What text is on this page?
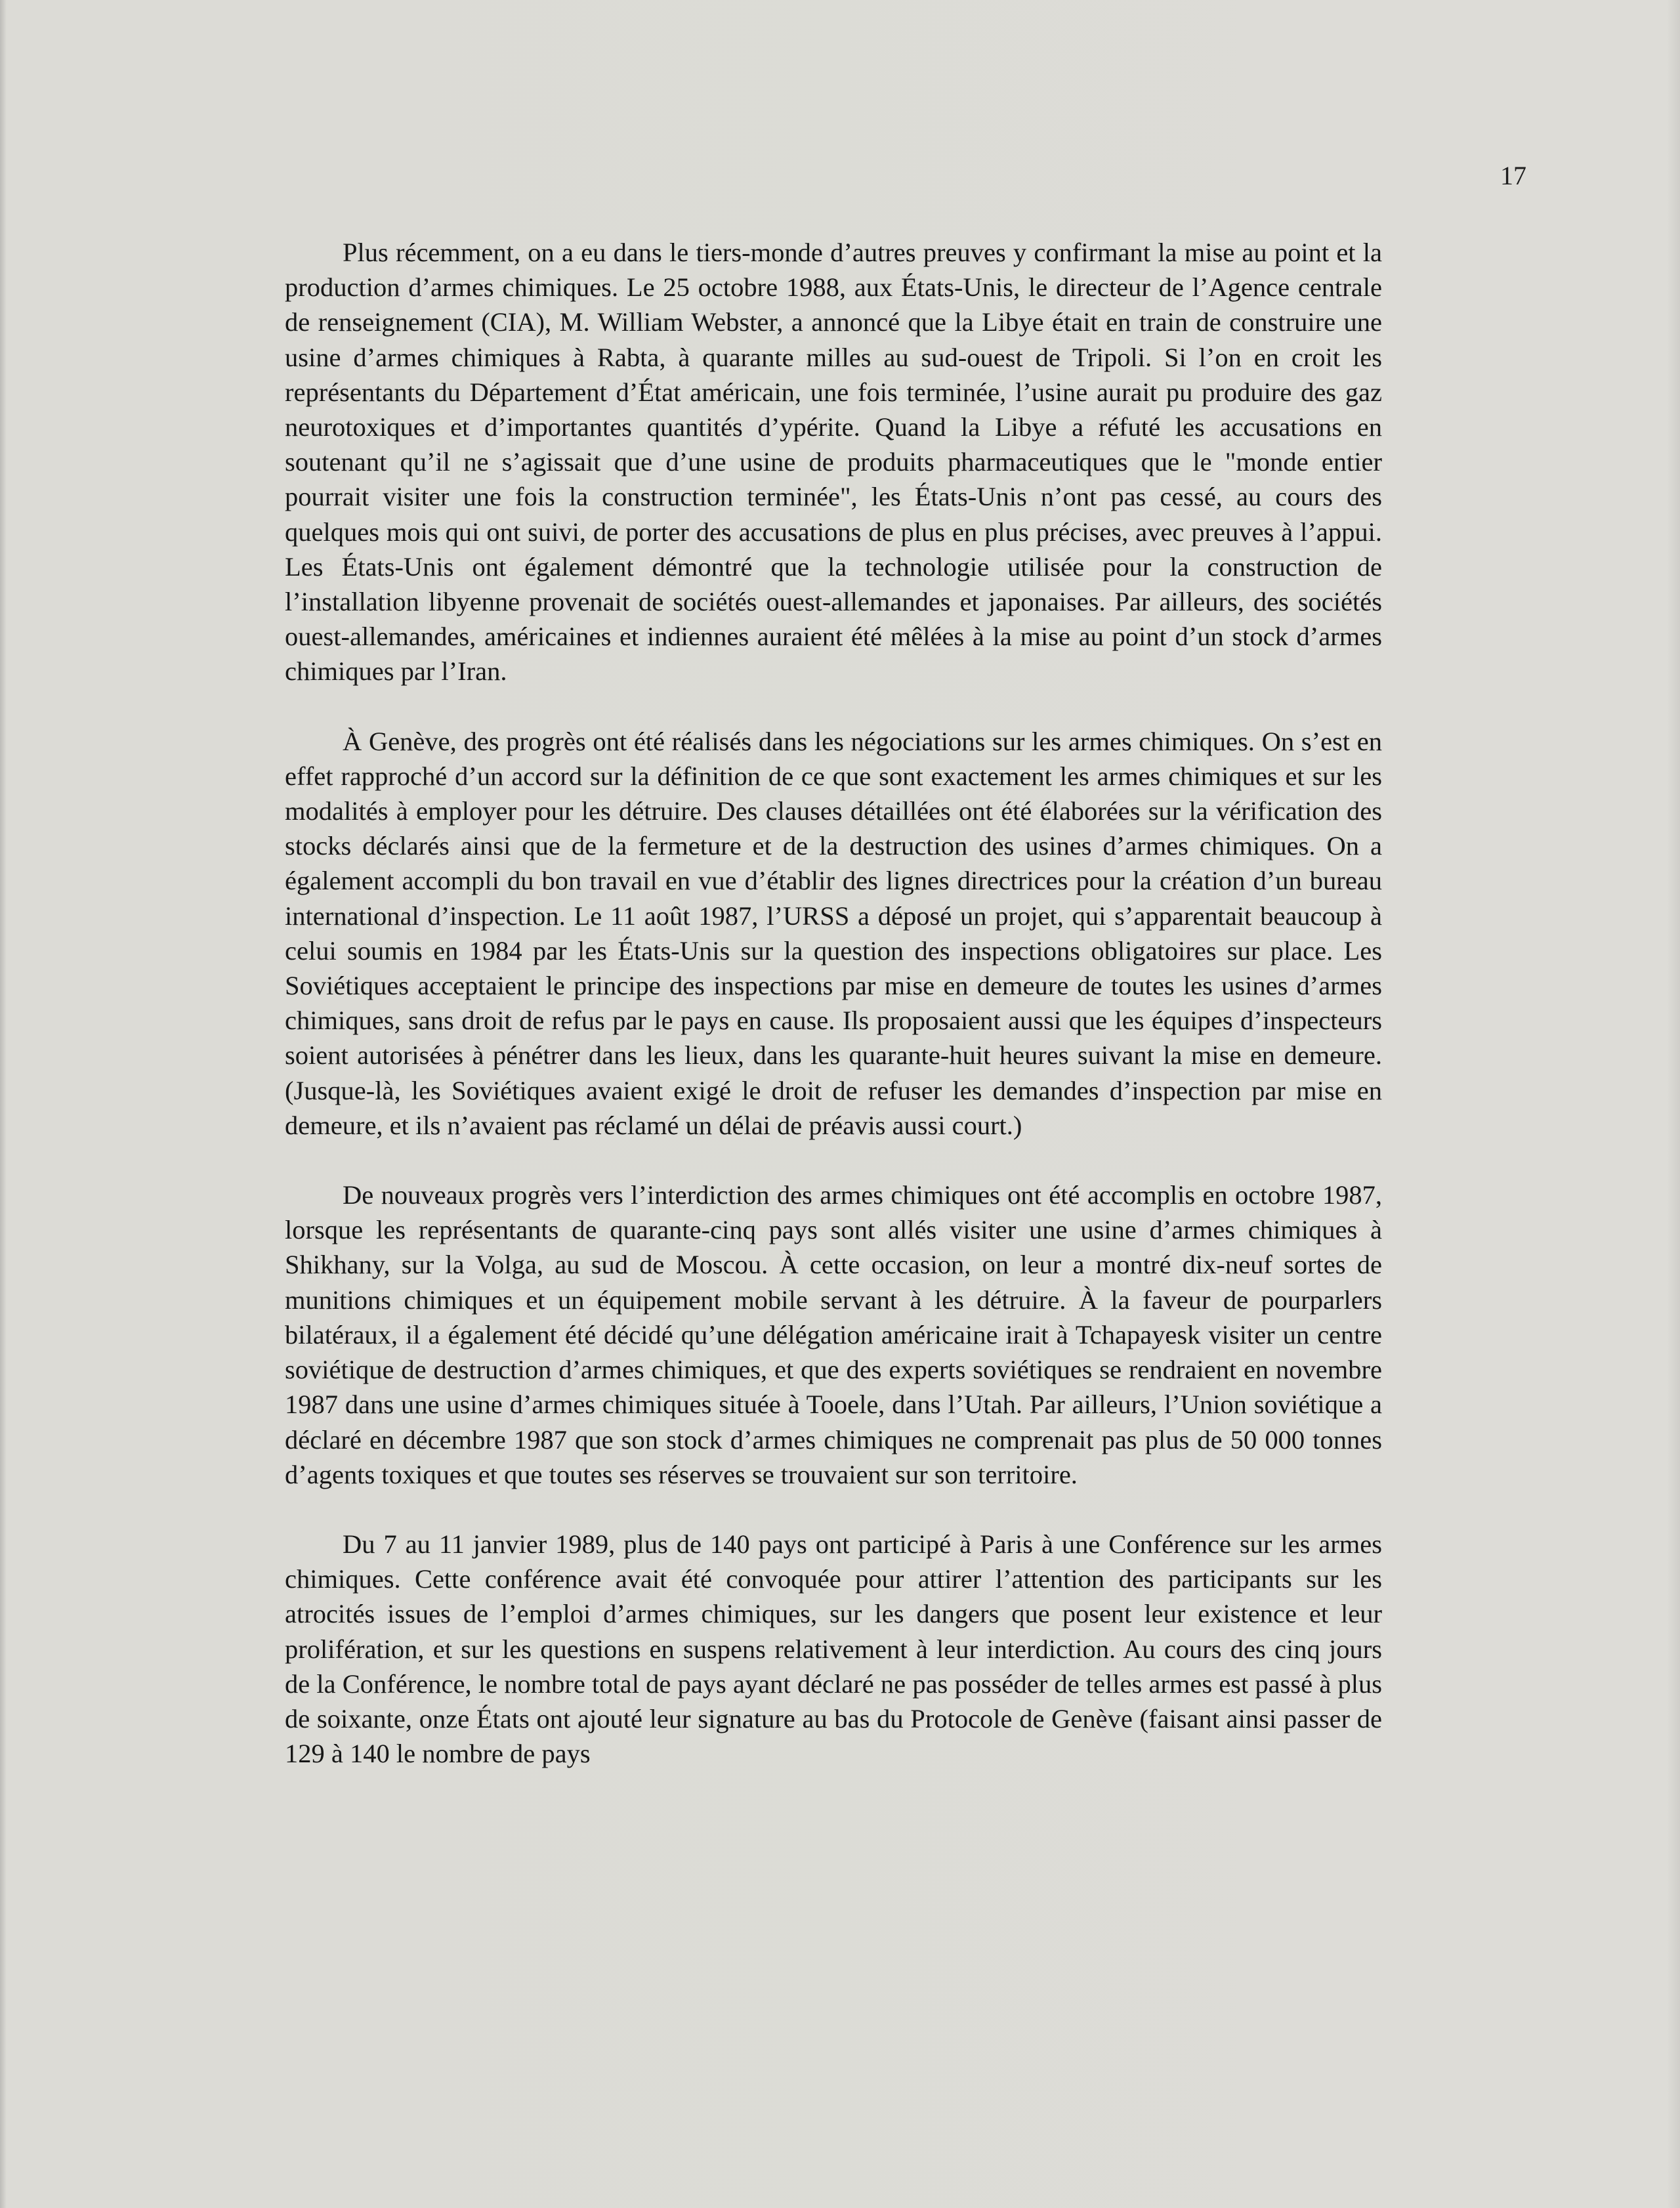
17

Plus récemment, on a eu dans le tiers-monde d’autres preuves y confirmant la mise au point et la production d’armes chimiques. Le 25 octobre 1988, aux États-Unis, le directeur de l’Agence centrale de renseignement (CIA), M. William Webster, a annoncé que la Libye était en train de construire une usine d’armes chimiques à Rabta, à quarante milles au sud-ouest de Tripoli. Si l’on en croit les représentants du Département d’État américain, une fois terminée, l’usine aurait pu produire des gaz neurotoxiques et d’importantes quantités d’ypérite. Quand la Libye a réfuté les accusations en soutenant qu’il ne s’agissait que d’une usine de produits pharmaceutiques que le "monde entier pourrait visiter une fois la construction terminée", les États-Unis n’ont pas cessé, au cours des quelques mois qui ont suivi, de porter des accusations de plus en plus précises, avec preuves à l’appui. Les États-Unis ont également démontré que la technologie utilisée pour la construction de l’installation libyenne provenait de sociétés ouest-allemandes et japonaises. Par ailleurs, des sociétés ouest-allemandes, américaines et indiennes auraient été mêlées à la mise au point d’un stock d’armes chimiques par l’Iran.

À Genève, des progrès ont été réalisés dans les négociations sur les armes chimiques. On s’est en effet rapproché d’un accord sur la définition de ce que sont exactement les armes chimiques et sur les modalités à employer pour les détruire. Des clauses détaillées ont été élaborées sur la vérification des stocks déclarés ainsi que de la fermeture et de la destruction des usines d’armes chimiques. On a également accompli du bon travail en vue d’établir des lignes directrices pour la création d’un bureau international d’inspection. Le 11 août 1987, l’URSS a déposé un projet, qui s’apparentait beaucoup à celui soumis en 1984 par les États-Unis sur la question des inspections obligatoires sur place. Les Soviétiques acceptaient le principe des inspections par mise en demeure de toutes les usines d’armes chimiques, sans droit de refus par le pays en cause. Ils proposaient aussi que les équipes d’inspecteurs soient autorisées à pénétrer dans les lieux, dans les quarante-huit heures suivant la mise en demeure. (Jusque-là, les Soviétiques avaient exigé le droit de refuser les demandes d’inspection par mise en demeure, et ils n’avaient pas réclamé un délai de préavis aussi court.)

De nouveaux progrès vers l’interdiction des armes chimiques ont été accomplis en octobre 1987, lorsque les représentants de quarante-cinq pays sont allés visiter une usine d’armes chimiques à Shikhany, sur la Volga, au sud de Moscou. À cette occasion, on leur a montré dix-neuf sortes de munitions chimiques et un équipement mobile servant à les détruire. À la faveur de pourparlers bilatéraux, il a également été décidé qu’une délégation américaine irait à Tchapayesk visiter un centre soviétique de destruction d’armes chimiques, et que des experts soviétiques se rendraient en novembre 1987 dans une usine d’armes chimiques située à Tooele, dans l’Utah. Par ailleurs, l’Union soviétique a déclaré en décembre 1987 que son stock d’armes chimiques ne comprenait pas plus de 50 000 tonnes d’agents toxiques et que toutes ses réserves se trouvaient sur son territoire.

Du 7 au 11 janvier 1989, plus de 140 pays ont participé à Paris à une Conférence sur les armes chimiques. Cette conférence avait été convoquée pour attirer l’attention des participants sur les atrocités issues de l’emploi d’armes chimiques, sur les dangers que posent leur existence et leur prolifération, et sur les questions en suspens relativement à leur interdiction. Au cours des cinq jours de la Conférence, le nombre total de pays ayant déclaré ne pas posséder de telles armes est passé à plus de soixante, onze États ont ajouté leur signature au bas du Protocole de Genève (faisant ainsi passer de 129 à 140 le nombre de pays
